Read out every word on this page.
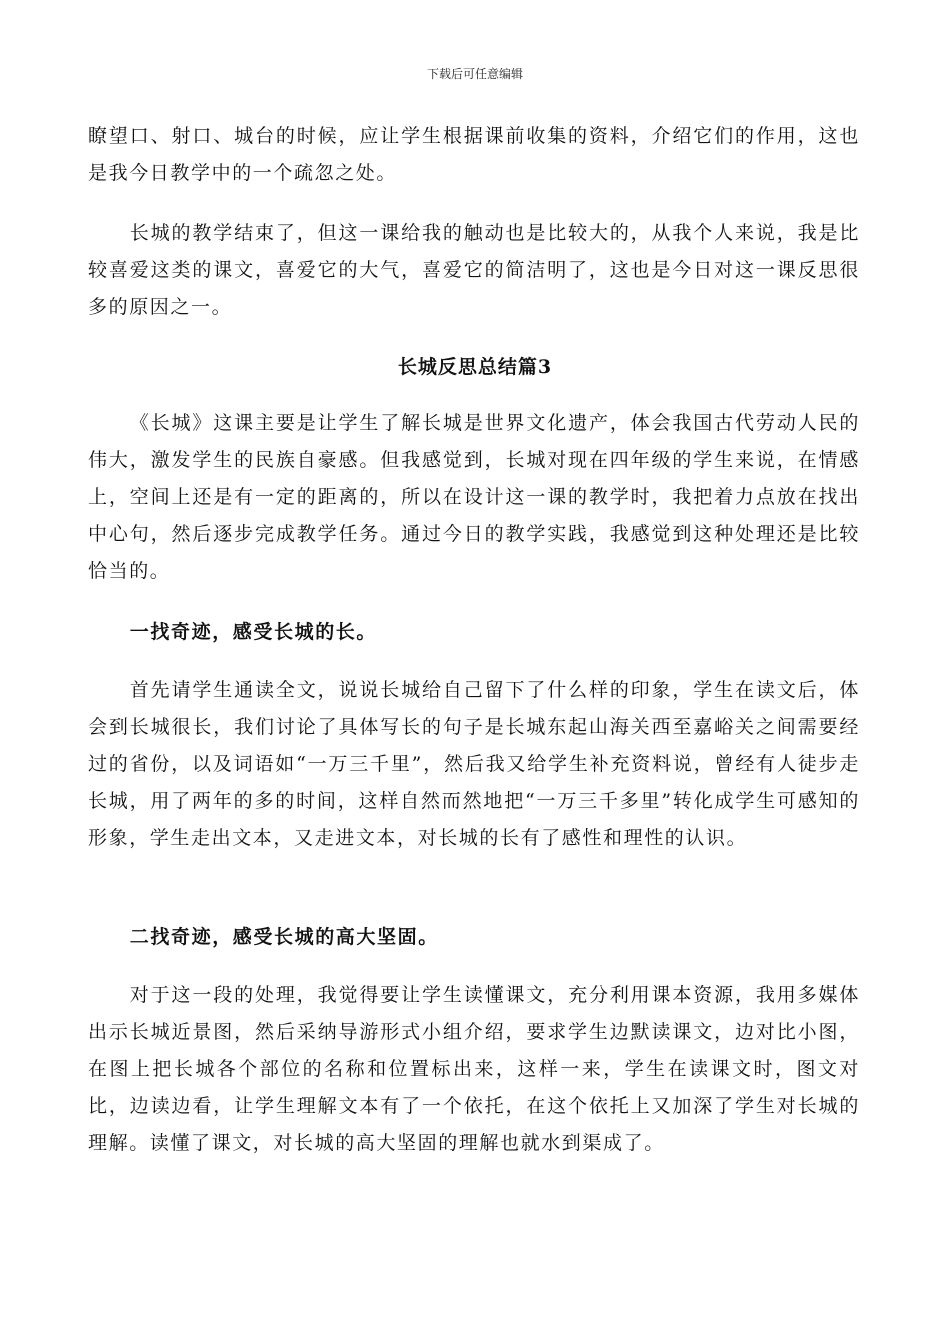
下载后可任意编辑

瞭望口、射口、城台的时候，应让学生根据课前收集的资料，介绍它们的作用，这也是我今日教学中的一个疏忽之处。

长城的教学结束了，但这一课给我的触动也是比较大的，从我个人来说，我是比较喜爱这类的课文，喜爱它的大气，喜爱它的简洁明了，这也是今日对这一课反思很多的原因之一。

长城反思总结篇3

《长城》这课主要是让学生了解长城是世界文化遗产，体会我国古代劳动人民的伟大，激发学生的民族自豪感。但我感觉到，长城对现在四年级的学生来说，在情感上，空间上还是有一定的距离的，所以在设计这一课的教学时，我把着力点放在找出中心句，然后逐步完成教学任务。通过今日的教学实践，我感觉到这种处理还是比较恰当的。

一找奇迹，感受长城的长。

首先请学生通读全文，说说长城给自己留下了什么样的印象，学生在读文后，体会到长城很长，我们讨论了具体写长的句子是长城东起山海关西至嘉峪关之间需要经过的省份，以及词语如“一万三千里”，然后我又给学生补充资料说，曾经有人徒步走长城，用了两年的多的时间，这样自然而然地把“一万三千多里”转化成学生可感知的形象，学生走出文本，又走进文本，对长城的长有了感性和理性的认识。

二找奇迹，感受长城的高大坚固。

对于这一段的处理，我觉得要让学生读懂课文，充分利用课本资源，我用多媒体出示长城近景图，然后采纳导游形式小组介绍，要求学生边默读课文，边对比小图，在图上把长城各个部位的名称和位置标出来，这样一来，学生在读课文时，图文对比，边读边看，让学生理解文本有了一个依托，在这个依托上又加深了学生对长城的理解。读懂了课文，对长城的高大坚固的理解也就水到渠成了。
